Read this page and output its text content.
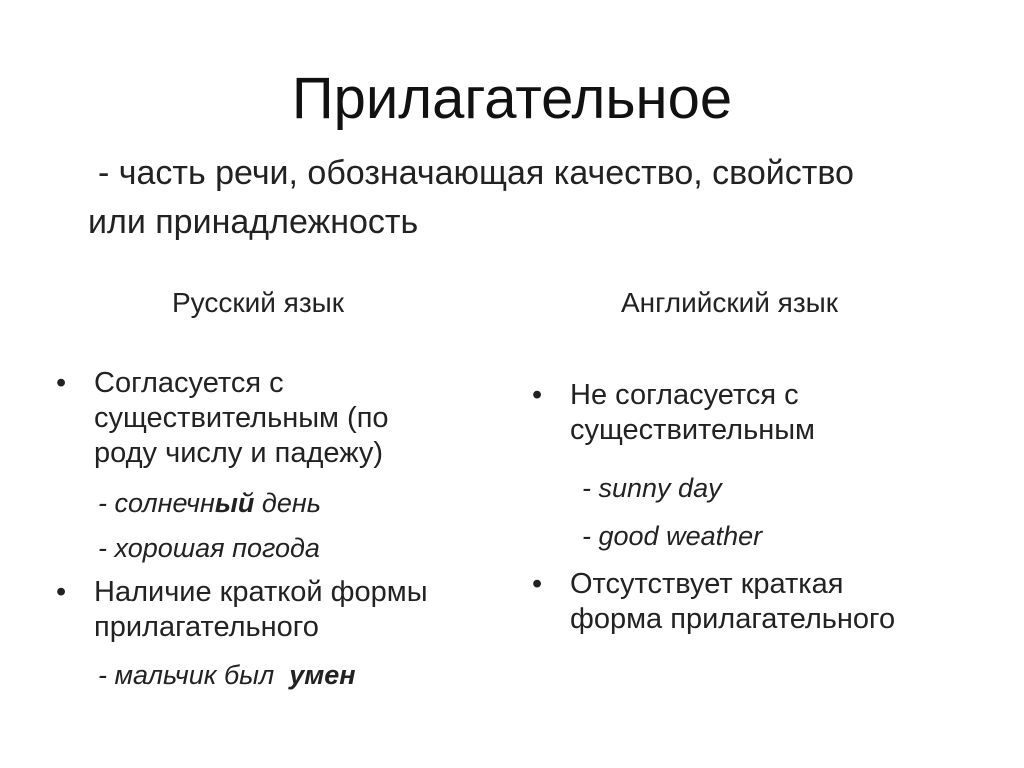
Прилагательное
- часть речи, обозначающая качество, свойство
или принадлежность
Русский язык
• Согласуется с
существительным (по
роду числу и падежу)
- солнечный день
- хорошая погода
• Наличие краткой формы
прилагательного
- мальчик был  умен
Английский язык
• Не согласуется с
существительным
- sunny day
- good weather
• Отсутствует краткая
форма прилагательного
